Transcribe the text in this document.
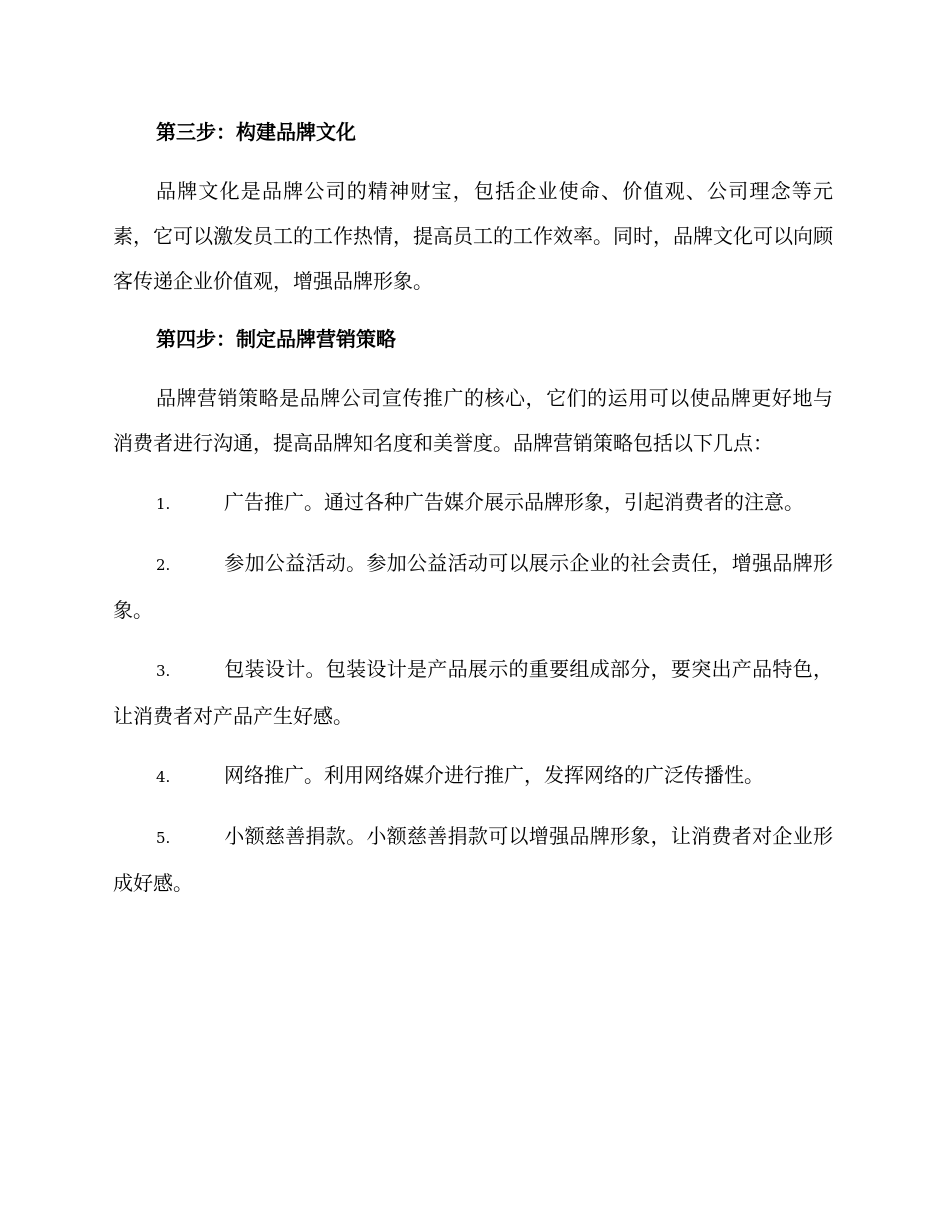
第三步：构建品牌文化

品牌文化是品牌公司的精神财宝，包括企业使命、价值观、公司理念等元素，它可以激发员工的工作热情，提高员工的工作效率。同时，品牌文化可以向顾客传递企业价值观，增强品牌形象。

第四步：制定品牌营销策略

品牌营销策略是品牌公司宣传推广的核心，它们的运用可以使品牌更好地与消费者进行沟通，提高品牌知名度和美誉度。品牌营销策略包括以下几点：

1.	广告推广。通过各种广告媒介展示品牌形象，引起消费者的注意。

2.	参加公益活动。参加公益活动可以展示企业的社会责任，增强品牌形象。

3.	包装设计。包装设计是产品展示的重要组成部分，要突出产品特色，让消费者对产品产生好感。

4.	网络推广。利用网络媒介进行推广，发挥网络的广泛传播性。

5.	小额慈善捐款。小额慈善捐款可以增强品牌形象，让消费者对企业形成好感。
